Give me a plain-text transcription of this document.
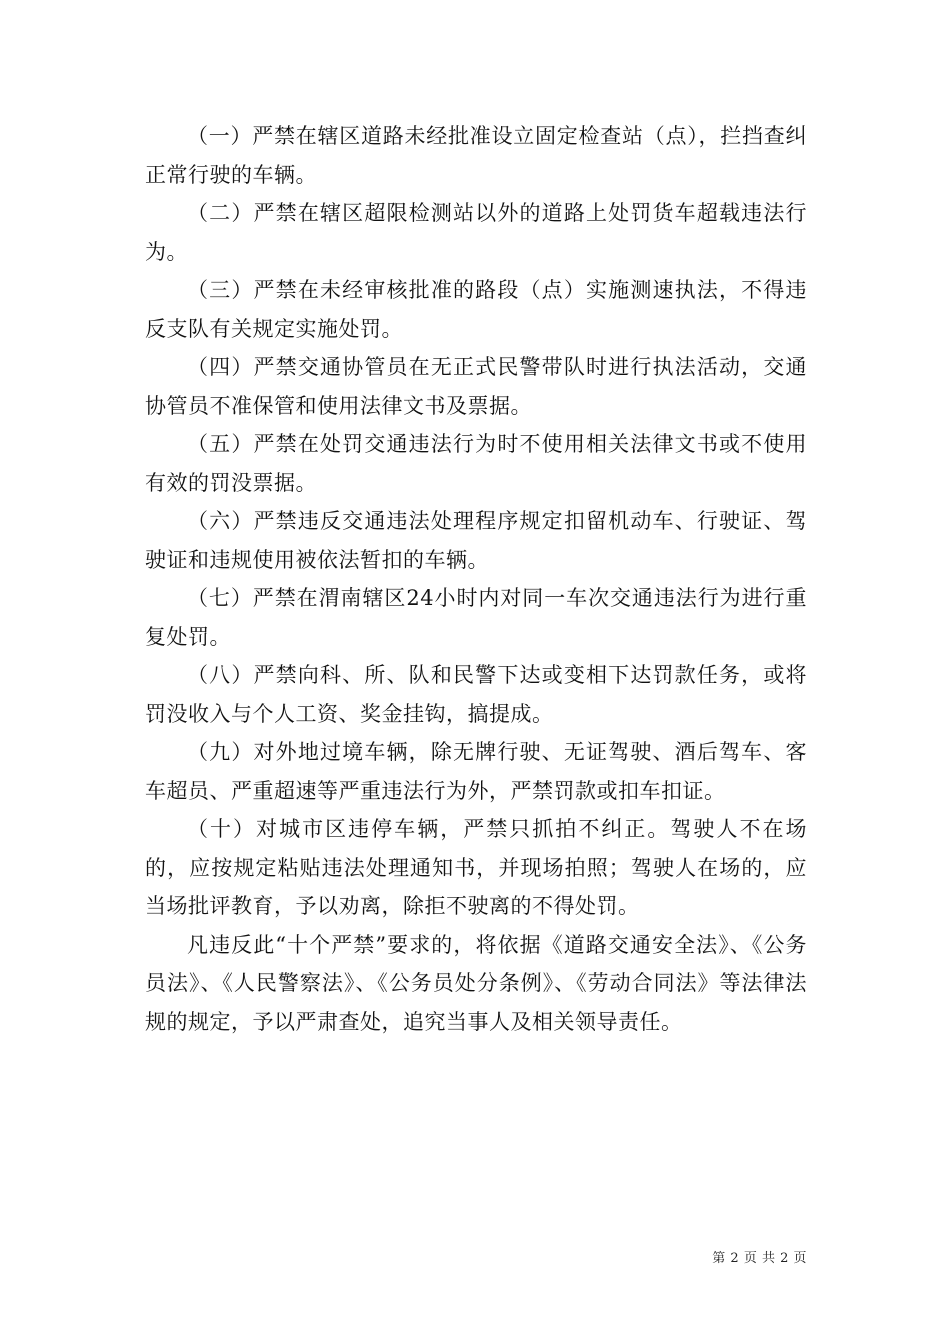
（一）严禁在辖区道路未经批准设立固定检查站（点），拦挡查纠正常行驶的车辆。

（二）严禁在辖区超限检测站以外的道路上处罚货车超载违法行为。

（三）严禁在未经审核批准的路段（点）实施测速执法，不得违反支队有关规定实施处罚。

（四）严禁交通协管员在无正式民警带队时进行执法活动，交通协管员不准保管和使用法律文书及票据。

（五）严禁在处罚交通违法行为时不使用相关法律文书或不使用有效的罚没票据。

（六）严禁违反交通违法处理程序规定扣留机动车、行驶证、驾驶证和违规使用被依法暂扣的车辆。

（七）严禁在渭南辖区24小时内对同一车次交通违法行为进行重复处罚。

（八）严禁向科、所、队和民警下达或变相下达罚款任务，或将罚没收入与个人工资、奖金挂钩，搞提成。

（九）对外地过境车辆，除无牌行驶、无证驾驶、酒后驾车、客车超员、严重超速等严重违法行为外，严禁罚款或扣车扣证。

（十）对城市区违停车辆，严禁只抓拍不纠正。驾驶人不在场的，应按规定粘贴违法处理通知书，并现场拍照；驾驶人在场的，应当场批评教育，予以劝离，除拒不驶离的不得处罚。

凡违反此“十个严禁”要求的，将依据《道路交通安全法》、《公务员法》、《人民警察法》、《公务员处分条例》、《劳动合同法》等法律法规的规定，予以严肃查处，追究当事人及相关领导责任。

第 2 页 共 2 页
